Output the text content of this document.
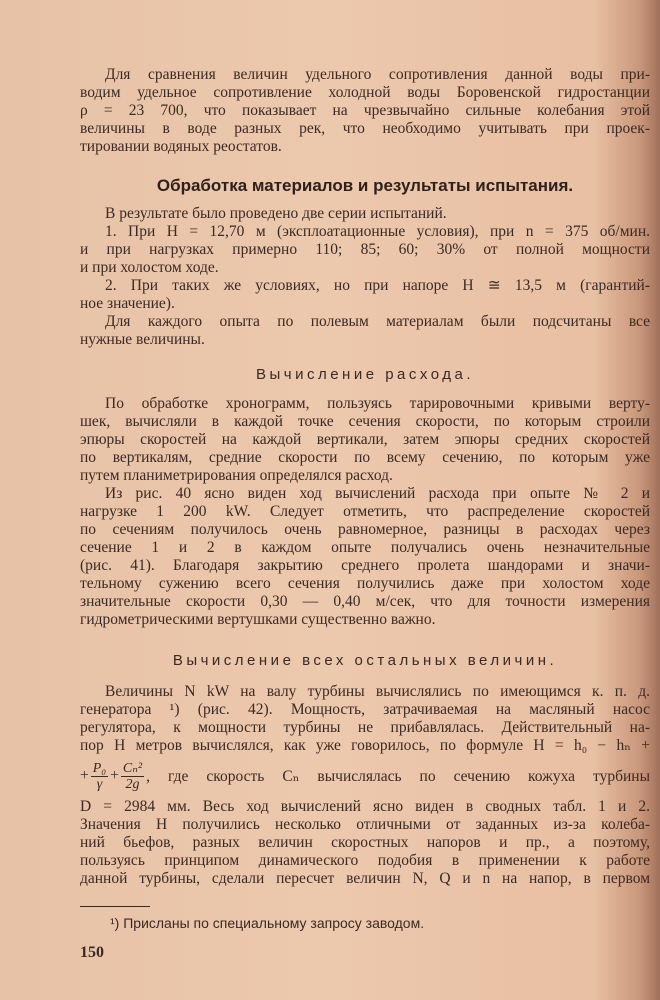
Обработка материалов и результаты испытания.
Вычисление расхода.
Вычисление всех остальных величин.
+ $\frac{\text{P₀}}{\gamma} + \frac{\text{Cₙ²}}{2g}$ , где скорость Cₙ вычислялась по сечению кожуха турбины
¹) Присланы по специальному запросу заводом.
150
Для сравнения величин удельного сопротивления данной воды при-
водим удельное сопротивление холодной воды Боровенской гидростанции
ρ = 23 700, что показывает на чрезвычайно сильные колебания этой
величины в воде разных рек, что необходимо учитывать при проек-
тировании водяных реостатов.
В результате было проведено две серии испытаний.
1. При H = 12,70 м (эксплоатационные условия), при n = 375 об/мин.
и при нагрузках примерно 110; 85; 60; 30% от полной мощности
и при холостом ходе.
2. При таких же условиях, но при напоре H ≅ 13,5 м (гарантий-
ное значение).
Для каждого опыта по полевым материалам были подсчитаны все
нужные величины.
По обработке хронограмм, пользуясь тарировочными кривыми верту-
шек, вычисляли в каждой точке сечения скорости, по которым строили
эпюры скоростей на каждой вертикали, затем эпюры средних скоростей
по вертикалям, средние скорости по всему сечению, по которым уже
путем планиметрирования определялся расход.
Из рис. 40 ясно виден ход вычислений расхода при опыте № 2 и
нагрузке 1 200 kW. Следует отметить, что распределение скоростей
по сечениям получилось очень равномерное, разницы в расходах через
сечение 1 и 2 в каждом опыте получались очень незначительные
(рис. 41). Благодаря закрытию среднего пролета шандорами и значи-
тельному сужению всего сечения получились даже при холостом ходе
значительные скорости 0,30 — 0,40 м/сек, что для точности измерения
гидрометрическими вертушками существенно важно.
Величины N kW на валу турбины вычислялись по имеющимся к. п. д.
генератора ¹) (рис. 42). Мощность, затрачиваемая на масляный насос
регулятора, к мощности турбины не прибавлялась. Действительный на-
пор H метров вычислялся, как уже говорилось, по формуле H = h₀ − hₙ +
D = 2984 мм. Весь ход вычислений ясно виден в сводных табл. 1 и 2.
Значения H получились несколько отличными от заданных из-за колеба-
ний бьефов, разных величин скоростных напоров и пр., а поэтому,
пользуясь принципом динамического подобия в применении к работе
данной турбины, сделали пересчет величин N, Q и n на напор, в первом
